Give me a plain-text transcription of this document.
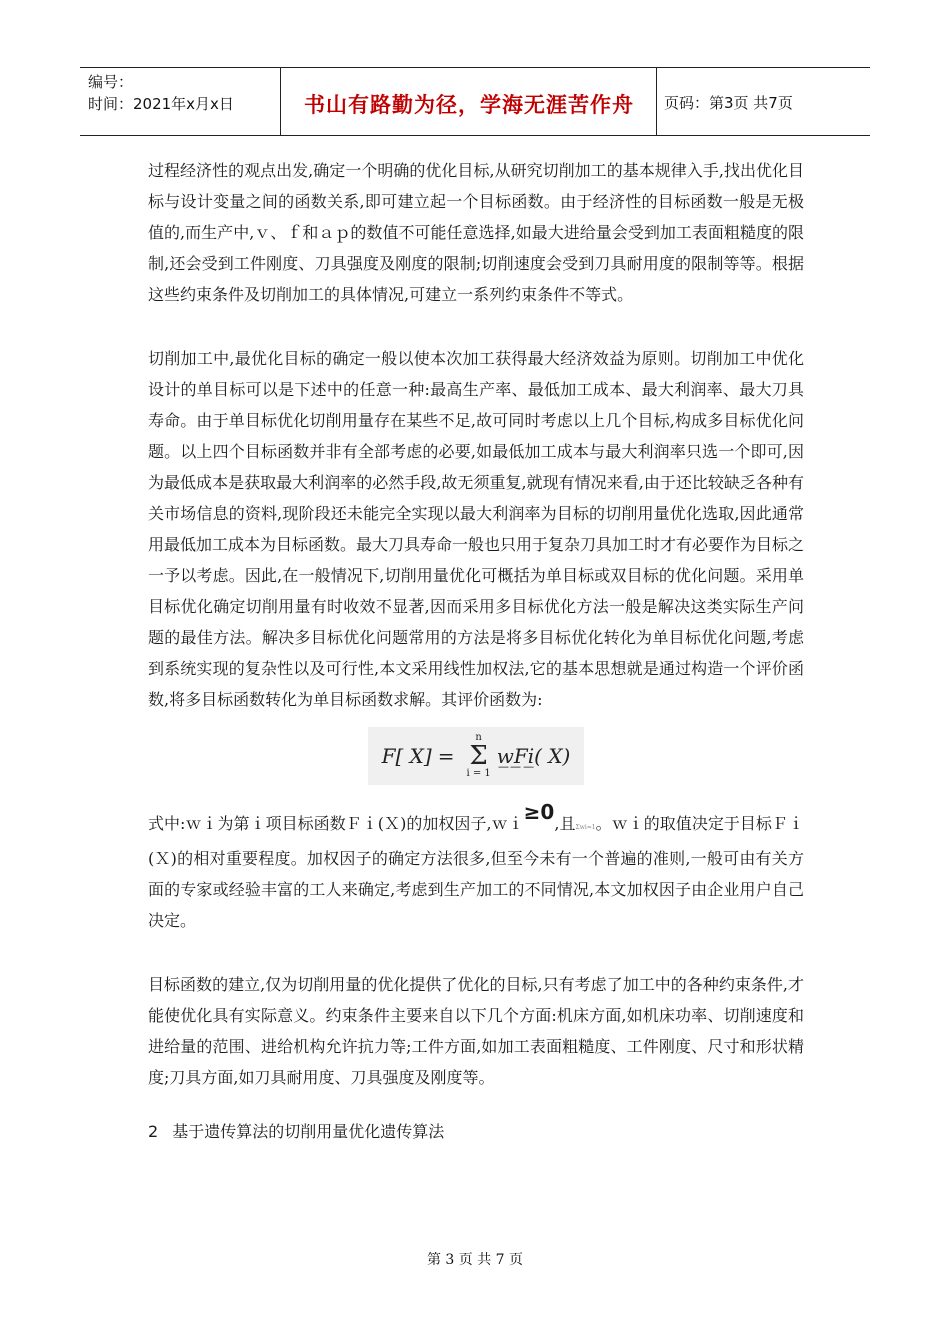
编号：
时间：2021年x月x日	书山有路勤为径，学海无涯苦作舟	页码：第3页 共7页

过程经济性的观点出发,确定一个明确的优化目标,从研究切削加工的基本规律入手,找出优化目标与设计变量之间的函数关系,即可建立起一个目标函数。由于经济性的目标函数一般是无极值的,而生产中,ｖ、ｆ和ａｐ的数值不可能任意选择,如最大进给量会受到加工表面粗糙度的限制,还会受到工件刚度、刀具强度及刚度的限制;切削速度会受到刀具耐用度的限制等等。根据这些约束条件及切削加工的具体情况,可建立一系列约束条件不等式。

切削加工中,最优化目标的确定一般以使本次加工获得最大经济效益为原则。切削加工中优化设计的单目标可以是下述中的任意一种:最高生产率、最低加工成本、最大利润率、最大刀具寿命。由于单目标优化切削用量存在某些不足,故可同时考虑以上几个目标,构成多目标优化问题。以上四个目标函数并非有全部考虑的必要,如最低加工成本与最大利润率只选一个即可,因为最低成本是获取最大利润率的必然手段,故无须重复,就现有情况来看,由于还比较缺乏各种有关市场信息的资料,现阶段还未能完全实现以最大利润率为目标的切削用量优化选取,因此通常用最低加工成本为目标函数。最大刀具寿命一般也只用于复杂刀具加工时才有必要作为目标之一予以考虑。因此,在一般情况下,切削用量优化可概括为单目标或双目标的优化问题。采用单目标优化确定切削用量有时收效不显著,因而采用多目标优化方法一般是解决这类实际生产问题的最佳方法。解决多目标优化问题常用的方法是将多目标优化转化为单目标优化问题,考虑到系统实现的复杂性以及可行性,本文采用线性加权法,它的基本思想就是通过构造一个评价函数,将多目标函数转化为单目标函数求解。其评价函数为:

F[ X] =
n
Σ
i = 1
w̲F̲i̲( X)

式中:ｗｉ为第ｉ项目标函数Ｆｉ(Ｘ)的加权因子,ｗｉ≥0,且Σwi=1。ｗｉ的取值决定于目标Ｆｉ(Ｘ)的相对重要程度。加权因子的确定方法很多,但至今未有一个普遍的准则,一般可由有关方面的专家或经验丰富的工人来确定,考虑到生产加工的不同情况,本文加权因子由企业用户自己决定。

目标函数的建立,仅为切削用量的优化提供了优化的目标,只有考虑了加工中的各种约束条件,才能使优化具有实际意义。约束条件主要来自以下几个方面:机床方面,如机床功率、切削速度和进给量的范围、进给机构允许抗力等;工件方面,如加工表面粗糙度、工件刚度、尺寸和形状精度;刀具方面,如刀具耐用度、刀具强度及刚度等。

2 基于遗传算法的切削用量优化遗传算法
第 3 页 共 7 页
